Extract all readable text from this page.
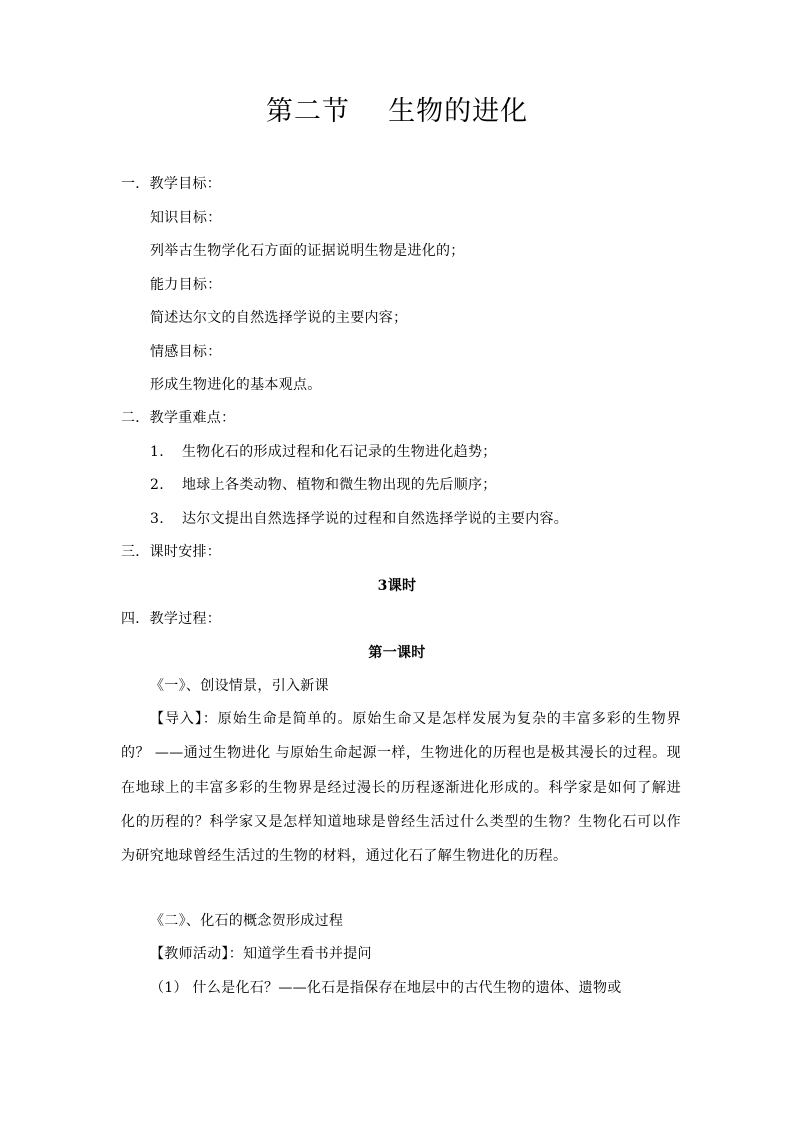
第二节    生物的进化
一．教学目标：
知识目标：
列举古生物学化石方面的证据说明生物是进化的；
能力目标：
简述达尔文的自然选择学说的主要内容；
情感目标：
形成生物进化的基本观点。
二．教学重难点：
1. 生物化石的形成过程和化石记录的生物进化趋势；
2. 地球上各类动物、植物和微生物出现的先后顺序；
3. 达尔文提出自然选择学说的过程和自然选择学说的主要内容。
三．课时安排：
3课时
四．教学过程：
第一课时
《一》、创设情景，引入新课
【导入】：原始生命是简单的。原始生命又是怎样发展为复杂的丰富多彩的生物界的？ ——通过生物进化 与原始生命起源一样，生物进化的历程也是极其漫长的过程。现在地球上的丰富多彩的生物界是经过漫长的历程逐渐进化形成的。科学家是如何了解进化的历程的？科学家又是怎样知道地球是曾经生活过什么类型的生物？生物化石可以作为研究地球曾经生活过的生物的材料，通过化石了解生物进化的历程。
《二》、化石的概念贺形成过程
【教师活动】：知道学生看书并提问
（1） 什么是化石？——化石是指保存在地层中的古代生物的遗体、遗物或
